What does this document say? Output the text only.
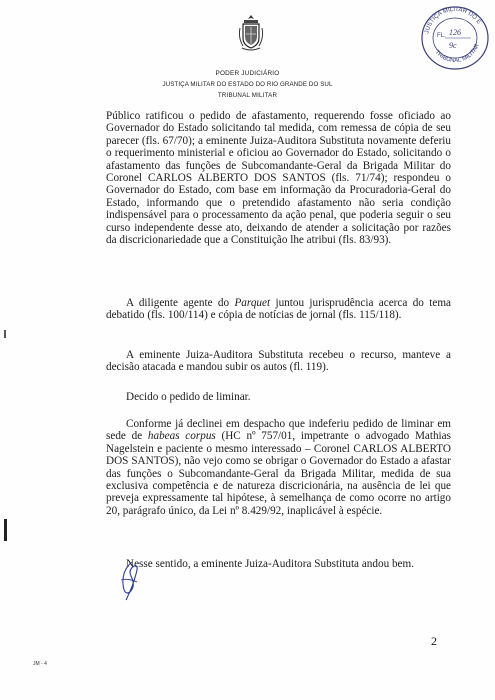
PODER JUDICIÁRIO
JUSTIÇA MILITAR DO ESTADO DO RIO GRANDE DO SUL
TRIBUNAL MILITAR
JUSTIÇA MILITAR DO E
TRIBUNAL MILITAR
FL. 126
9c

Público ratificou o pedido de afastamento, requerendo fosse oficiado ao Governador do Estado solicitando tal medida, com remessa de cópia de seu parecer (fls. 67/70); a eminente Juiza-Auditora Substituta novamente deferiu o requerimento ministerial e oficiou ao Governador do Estado, solicitando o afastamento das funções de Subcomandante-Geral da Brigada Militar do Coronel CARLOS ALBERTO DOS SANTOS (fls. 71/74); respondeu o Governador do Estado, com base em informação da Procuradoria-Geral do Estado, informando que o pretendido afastamento não seria condição indispensável para o processamento da ação penal, que poderia seguir o seu curso independente desse ato, deixando de atender a solicitação por razões da discricionariedade que a Constituição lhe atribui (fls. 83/93).

A diligente agente do Parquet juntou jurisprudência acerca do tema debatido (fls. 100/114) e cópia de notícias de jornal (fls. 115/118).

A eminente Juiza-Auditora Substituta recebeu o recurso, manteve a decisão atacada e mandou subir os autos (fl. 119).

Decido o pedido de liminar.

Conforme já declinei em despacho que indeferiu pedido de liminar em sede de habeas corpus (HC nº 757/01, impetrante o advogado Mathias Nagelstein e paciente o mesmo interessado – Coronel CARLOS ALBERTO DOS SANTOS), não vejo como se obrigar o Governador do Estado a afastar das funções o Subcomandante-Geral da Brigada Militar, medida de sua exclusiva competência e de natureza discricionária, na ausência de lei que preveja expressamente tal hipótese, à semelhança de como ocorre no artigo 20, parágrafo único, da Lei nº 8.429/92, inaplicável à espécie.

Nesse sentido, a eminente Juiza-Auditora Substituta andou bem.

2
JM - 4
